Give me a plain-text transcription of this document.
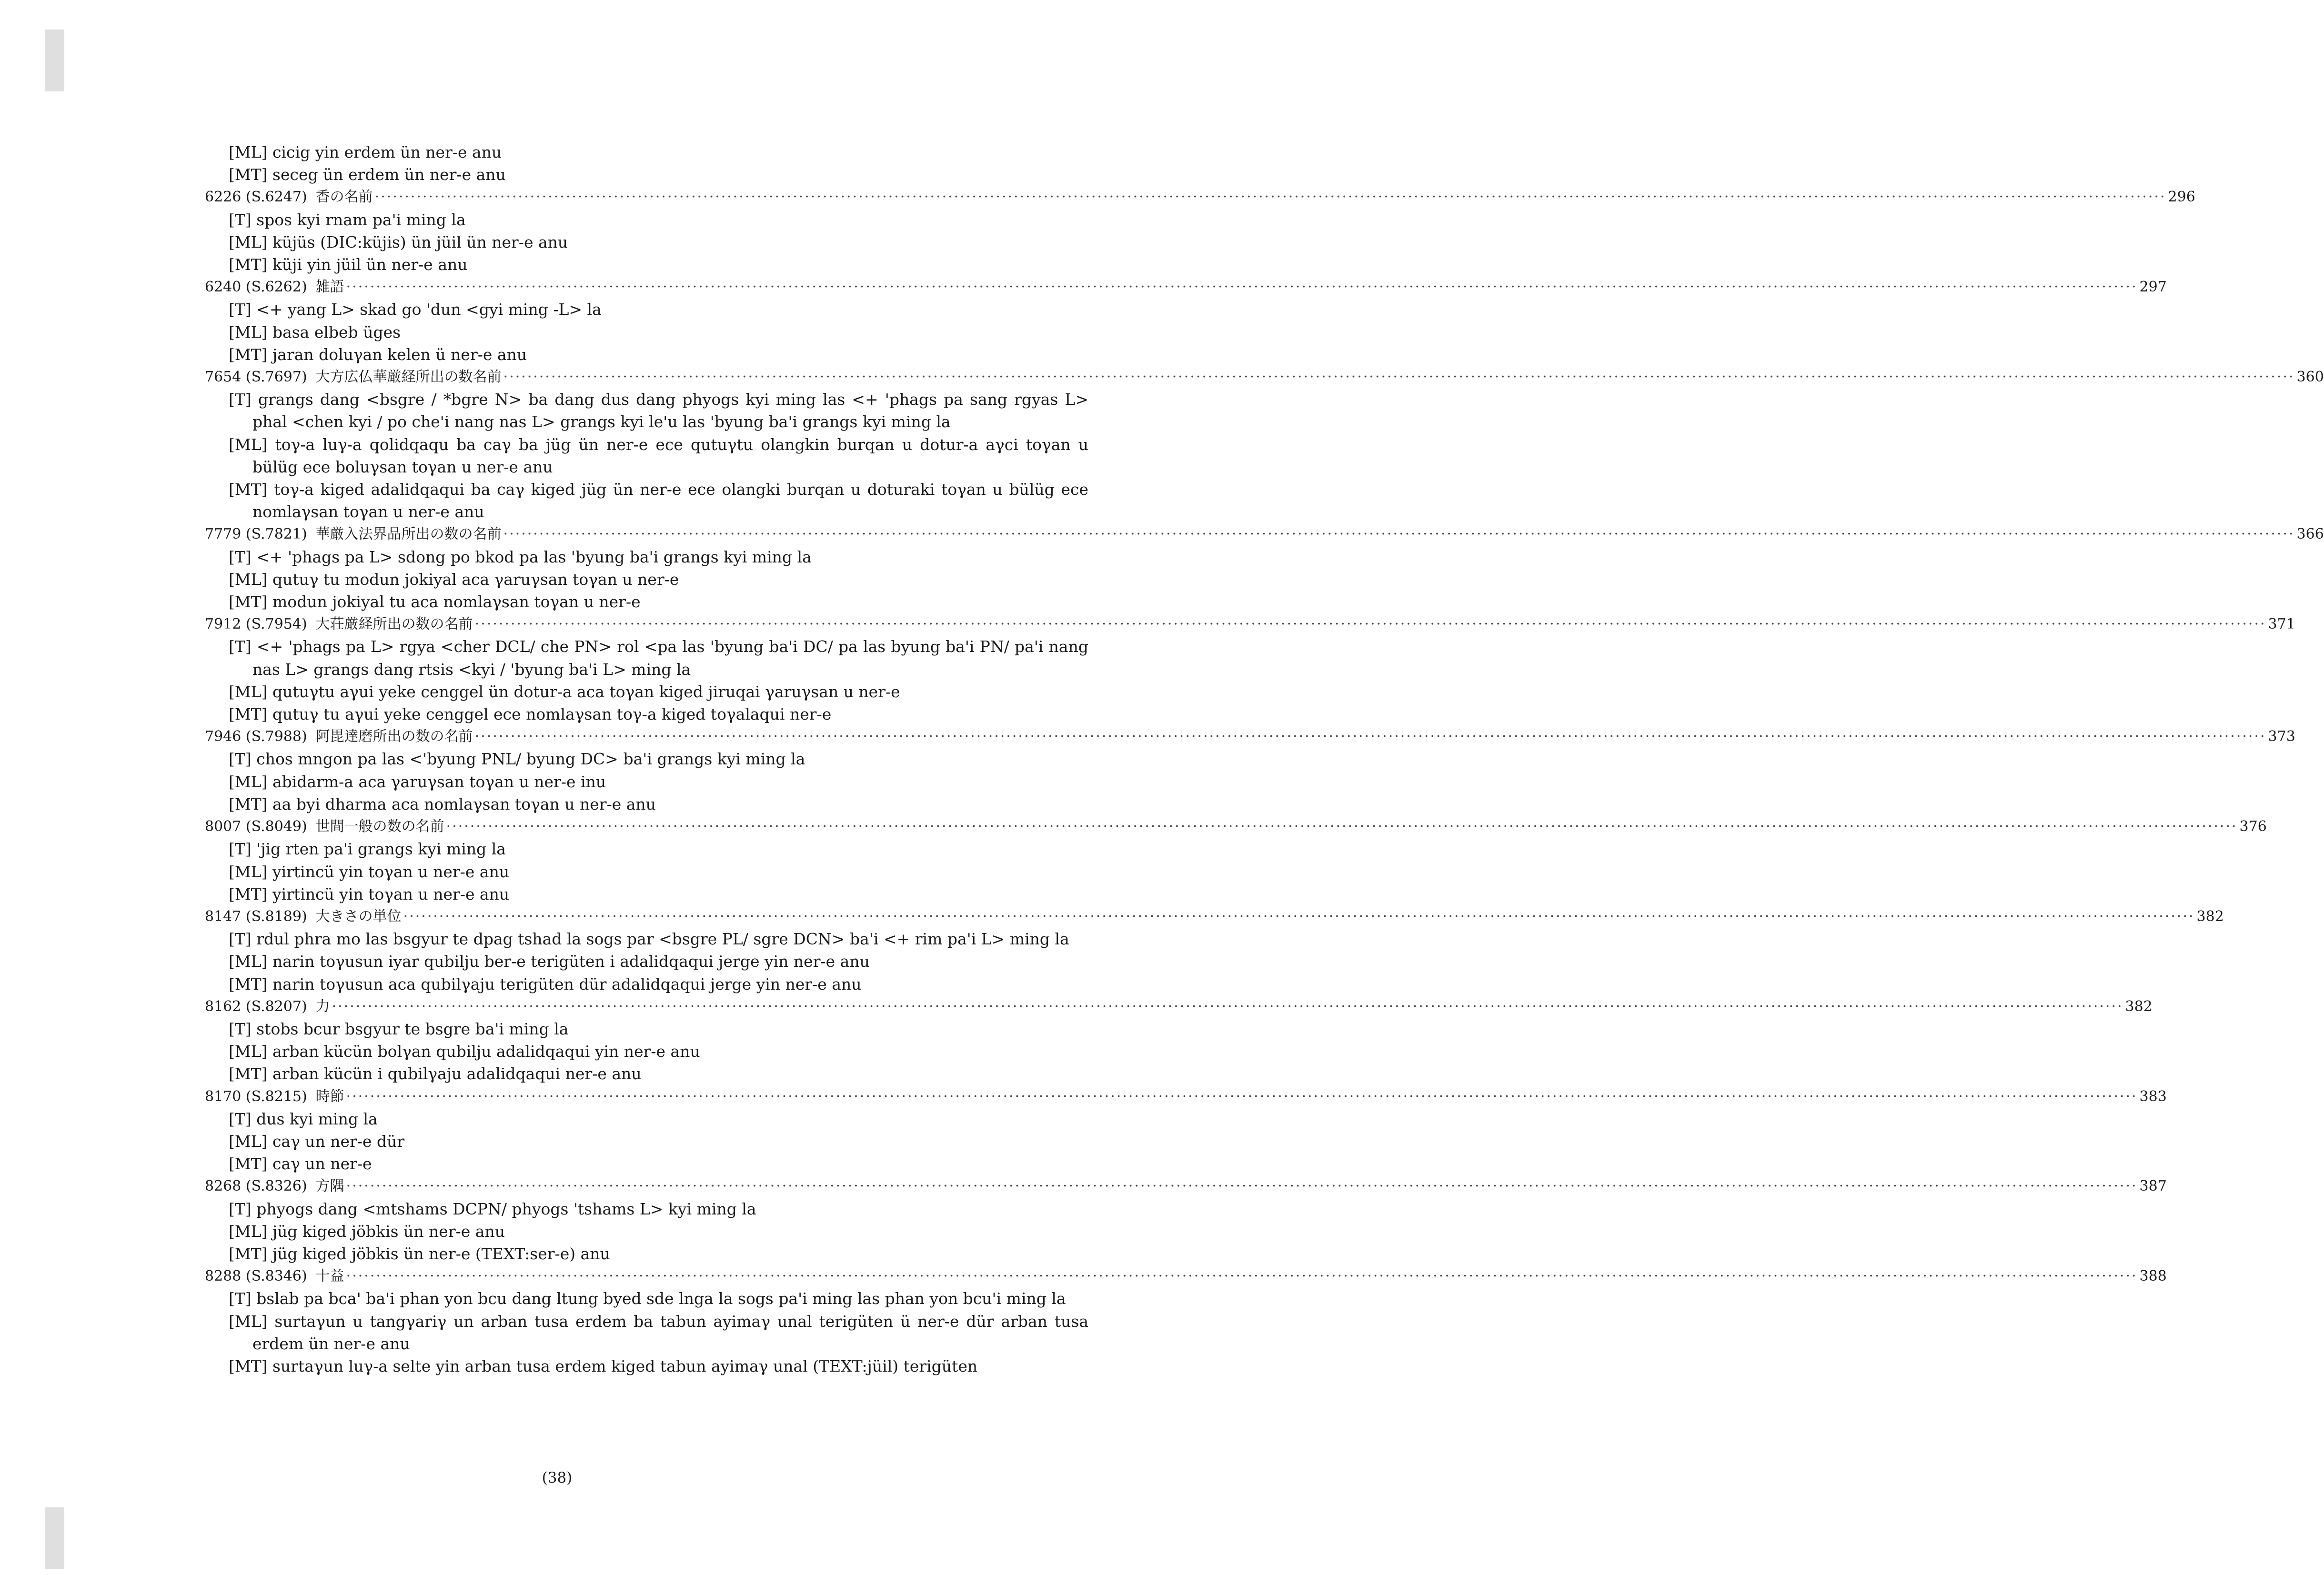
[ML] cicig yin erdem ün ner-e anu
[MT] seceg ün erdem ün ner-e anu
6226 (S.6247) 香の名前 ············································································································································································································································································································ 296
[T] spos kyi rnam pa'i ming la
[ML] küjüs (DIC:küjis) ün jüil ün ner-e anu
[MT] küji yin jüil ün ner-e anu
6240 (S.6262) 雑語 ············································································································································································································································································································ 297
[T] <+ yang L> skad go 'dun <gyi ming -L> la
[ML] basa elbeb üges
[MT] jaran doluγan kelen ü ner-e anu
7654 (S.7697) 大方広仏華厳経所出の数名前 ············································································································································································································································································································ 360
[T] grangs dang <bsgre / *bgre N> ba dang dus dang phyogs kyi ming las <+ 'phags pa sang rgyas L> phal <chen kyi / po che'i nang nas L> grangs kyi le'u las 'byung ba'i grangs kyi ming la
[ML] toγ-a luγ-a qolidqaqu ba caγ ba jüg ün ner-e ece qutuγtu olangkin burqan u dotur-a aγci toγan u bülüg ece boluγsan toγan u ner-e anu
[MT] toγ-a kiged adalidqaqui ba caγ kiged jüg ün ner-e ece olangki burqan u doturaki toγan u bülüg ece nomlaγsan toγan u ner-e anu
7779 (S.7821) 華厳入法界品所出の数の名前 ············································································································································································································································································································ 366
[T] <+ 'phags pa L> sdong po bkod pa las 'byung ba'i grangs kyi ming la
[ML] qutuγ tu modun jokiyal aca γaruγsan toγan u ner-e
[MT] modun jokiyal tu aca nomlaγsan toγan u ner-e
7912 (S.7954) 大荘厳経所出の数の名前 ············································································································································································································································································································ 371
[T] <+ 'phags pa L> rgya <cher DCL/ che PN> rol <pa las 'byung ba'i DC/ pa las byung ba'i PN/ pa'i nang nas L> grangs dang rtsis <kyi / 'byung ba'i L> ming la
[ML] qutuγtu aγui yeke cenggel ün dotur-a aca toγan kiged jiruqai γaruγsan u ner-e
[MT] qutuγ tu aγui yeke cenggel ece nomlaγsan toγ-a kiged toγalaqui ner-e
7946 (S.7988) 阿毘達磨所出の数の名前 ············································································································································································································································································································ 373
[T] chos mngon pa las <'byung PNL/ byung DC> ba'i grangs kyi ming la
[ML] abidarm-a aca γaruγsan toγan u ner-e inu
[MT] aa byi dharma aca nomlaγsan toγan u ner-e anu
8007 (S.8049) 世間一般の数の名前 ············································································································································································································································································································ 376
[T] 'jig rten pa'i grangs kyi ming la
[ML] yirtincü yin toγan u ner-e anu
[MT] yirtincü yin toγan u ner-e anu
8147 (S.8189) 大きさの単位 ············································································································································································································································································································ 382
[T] rdul phra mo las bsgyur te dpag tshad la sogs par <bsgre PL/ sgre DCN> ba'i <+ rim pa'i L> ming la
[ML] narin toγusun iyar qubilju ber-e terigüten i adalidqaqui jerge yin ner-e anu
[MT] narin toγusun aca qubilγaju terigüten dür adalidqaqui jerge yin ner-e anu
8162 (S.8207) 力 ············································································································································································································································································································ 382
[T] stobs bcur bsgyur te bsgre ba'i ming la
[ML] arban kücün bolγan qubilju adalidqaqui yin ner-e anu
[MT] arban kücün i qubilγaju adalidqaqui ner-e anu
8170 (S.8215) 時節 ············································································································································································································································································································ 383
[T] dus kyi ming la
[ML] caγ un ner-e dür
[MT] caγ un ner-e
8268 (S.8326) 方隅 ············································································································································································································································································································ 387
[T] phyogs dang <mtshams DCPN/ phyogs 'tshams L> kyi ming la
[ML] jüg kiged jöbkis ün ner-e anu
[MT] jüg kiged jöbkis ün ner-e (TEXT:ser-e) anu
8288 (S.8346) 十益 ············································································································································································································································································································ 388
[T] bslab pa bca' ba'i phan yon bcu dang ltung byed sde lnga la sogs pa'i ming las phan yon bcu'i ming la
[ML] surtaγun u tangγariγ un arban tusa erdem ba tabun ayimaγ unal terigüten ü ner-e dür arban tusa erdem ün ner-e anu
[MT] surtaγun luγ-a selte yin arban tusa erdem kiged tabun ayimaγ unal (TEXT:jüil) terigüten
(38)
